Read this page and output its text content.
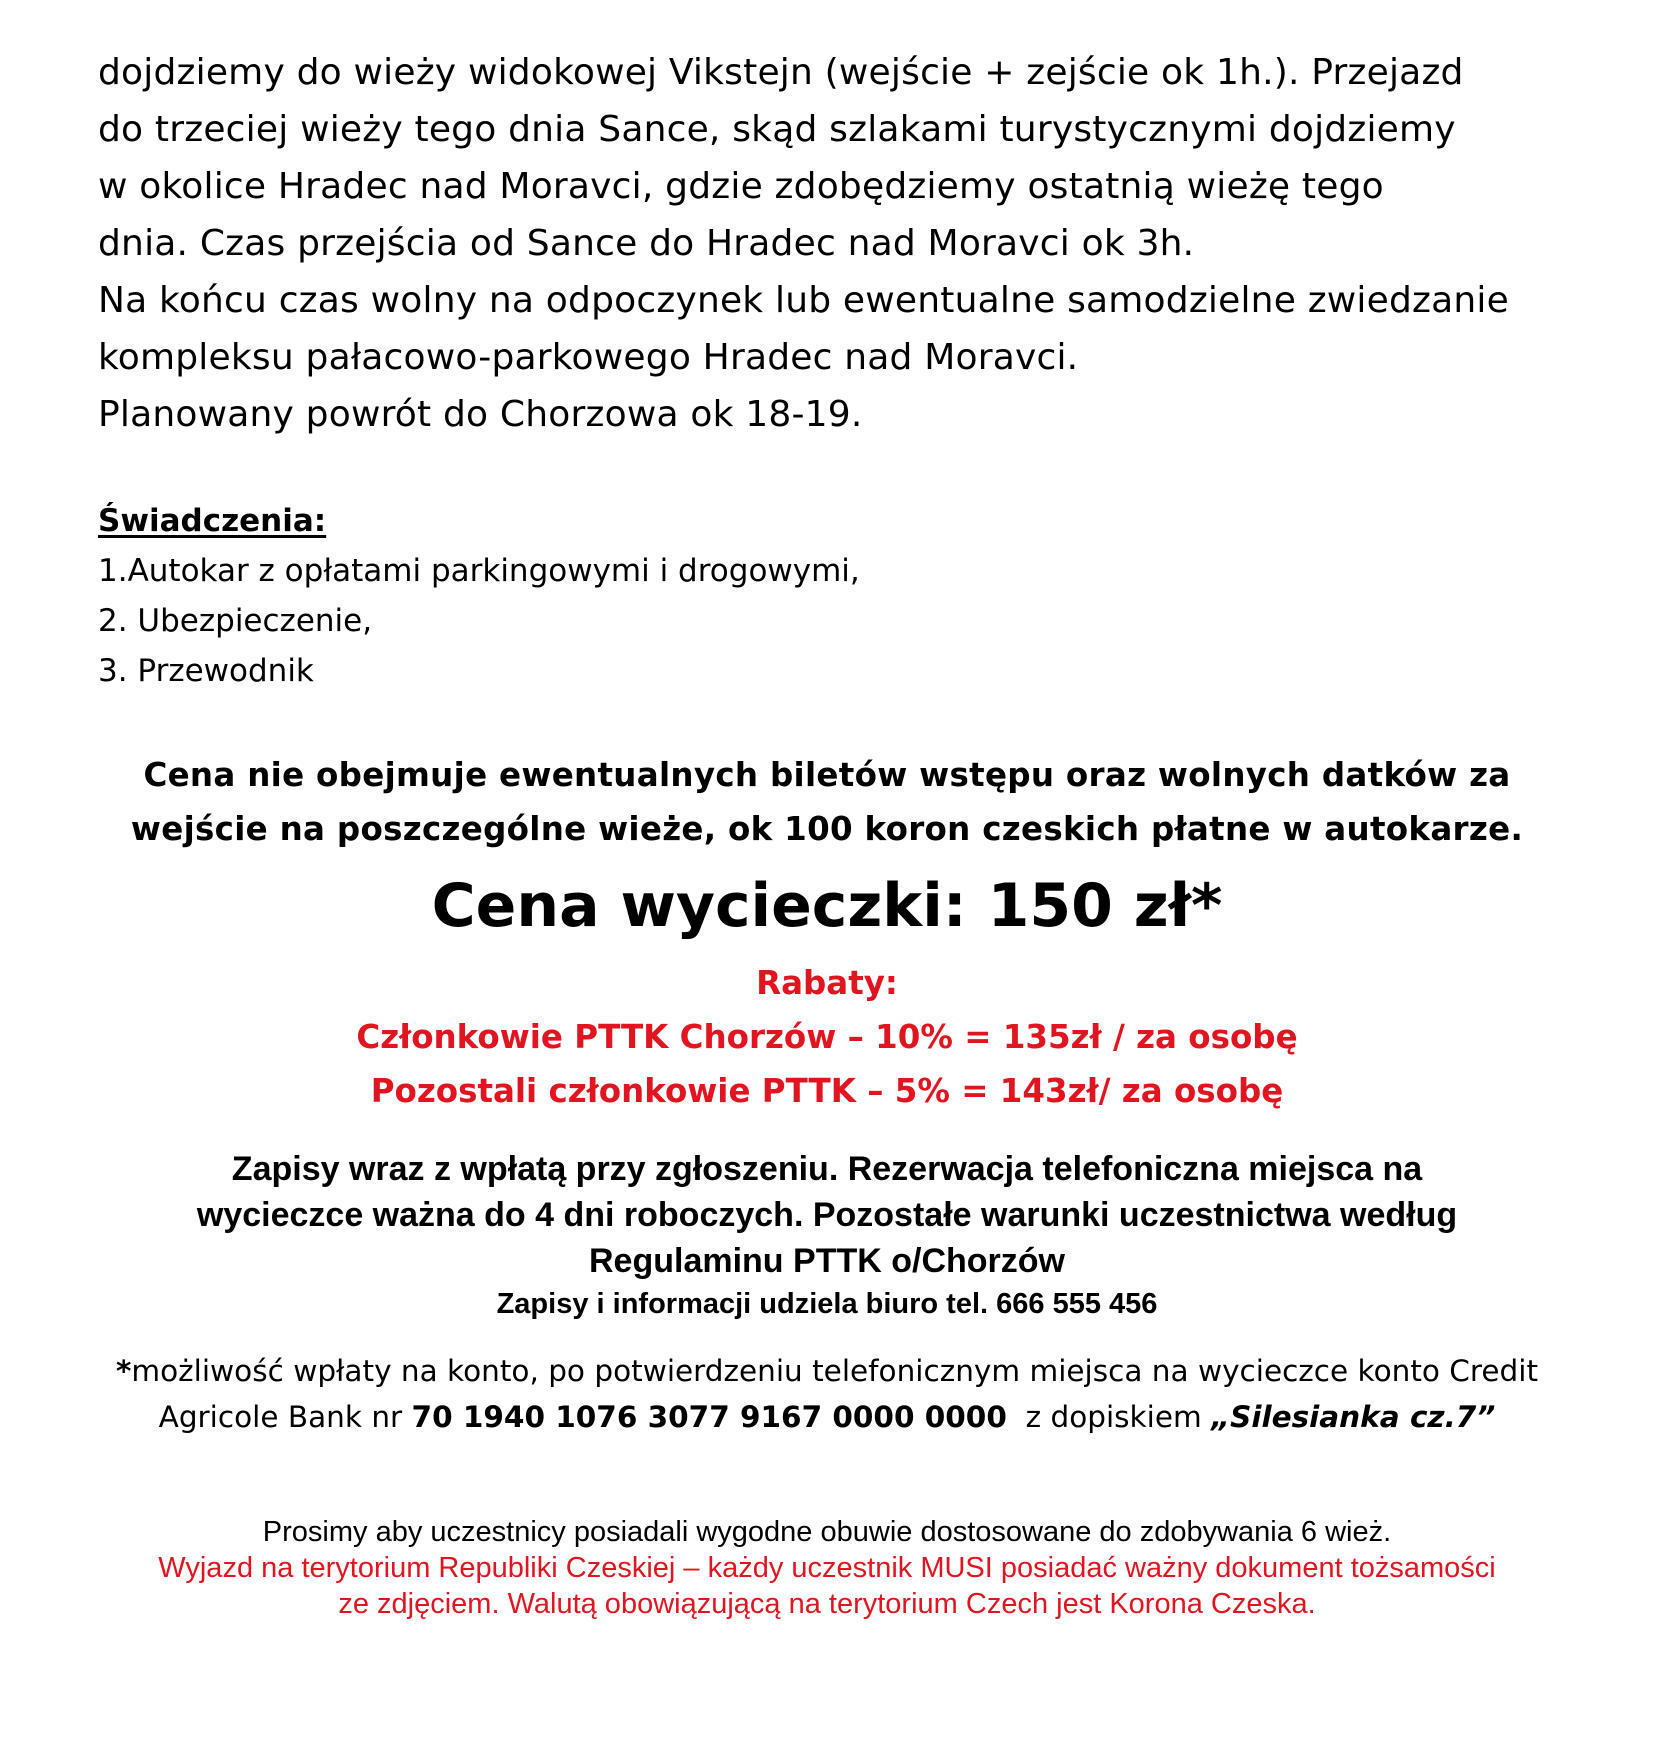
dojdziemy do wieży widokowej Vikstejn (wejście + zejście ok 1h.). Przejazd

do trzeciej wieży tego dnia Sance, skąd szlakami turystycznymi dojdziemy

w okolice Hradec nad Moravci, gdzie zdobędziemy ostatnią wieżę tego

dnia. Czas przejścia od Sance do Hradec nad Moravci ok 3h.

Na końcu czas wolny na odpoczynek lub ewentualne samodzielne zwiedzanie

kompleksu pałacowo-parkowego Hradec nad Moravci.

Planowany powrót do Chorzowa ok 18-19.

Świadczenia:
1.Autokar z opłatami parkingowymi i drogowymi,
2. Ubezpieczenie,
3. Przewodnik
Cena nie obejmuje ewentualnych biletów wstępu oraz wolnych datków za
wejście na poszczególne wieże, ok 100 koron czeskich płatne w autokarze.
Cena wycieczki: 150 zł*
Rabaty:
Członkowie PTTK Chorzów – 10% = 135zł / za osobę
Pozostali członkowie PTTK – 5% = 143zł/ za osobę
Zapisy wraz z wpłatą przy zgłoszeniu. Rezerwacja telefoniczna miejsca na
wycieczce ważna do 4 dni roboczych. Pozostałe warunki uczestnictwa według
Regulaminu PTTK o/Chorzów
Zapisy i informacji udziela biuro tel. 666 555 456
*możliwość wpłaty na konto, po potwierdzeniu telefonicznym miejsca na wycieczce konto Credit
Agricole Bank nr 70 1940 1076 3077 9167 0000 0000  z dopiskiem „Silesianka cz.7”
Prosimy aby uczestnicy posiadali wygodne obuwie dostosowane do zdobywania 6 wież.
Wyjazd na terytorium Republiki Czeskiej – każdy uczestnik MUSI posiadać ważny dokument tożsamości
ze zdjęciem. Walutą obowiązującą na terytorium Czech jest Korona Czeska.
